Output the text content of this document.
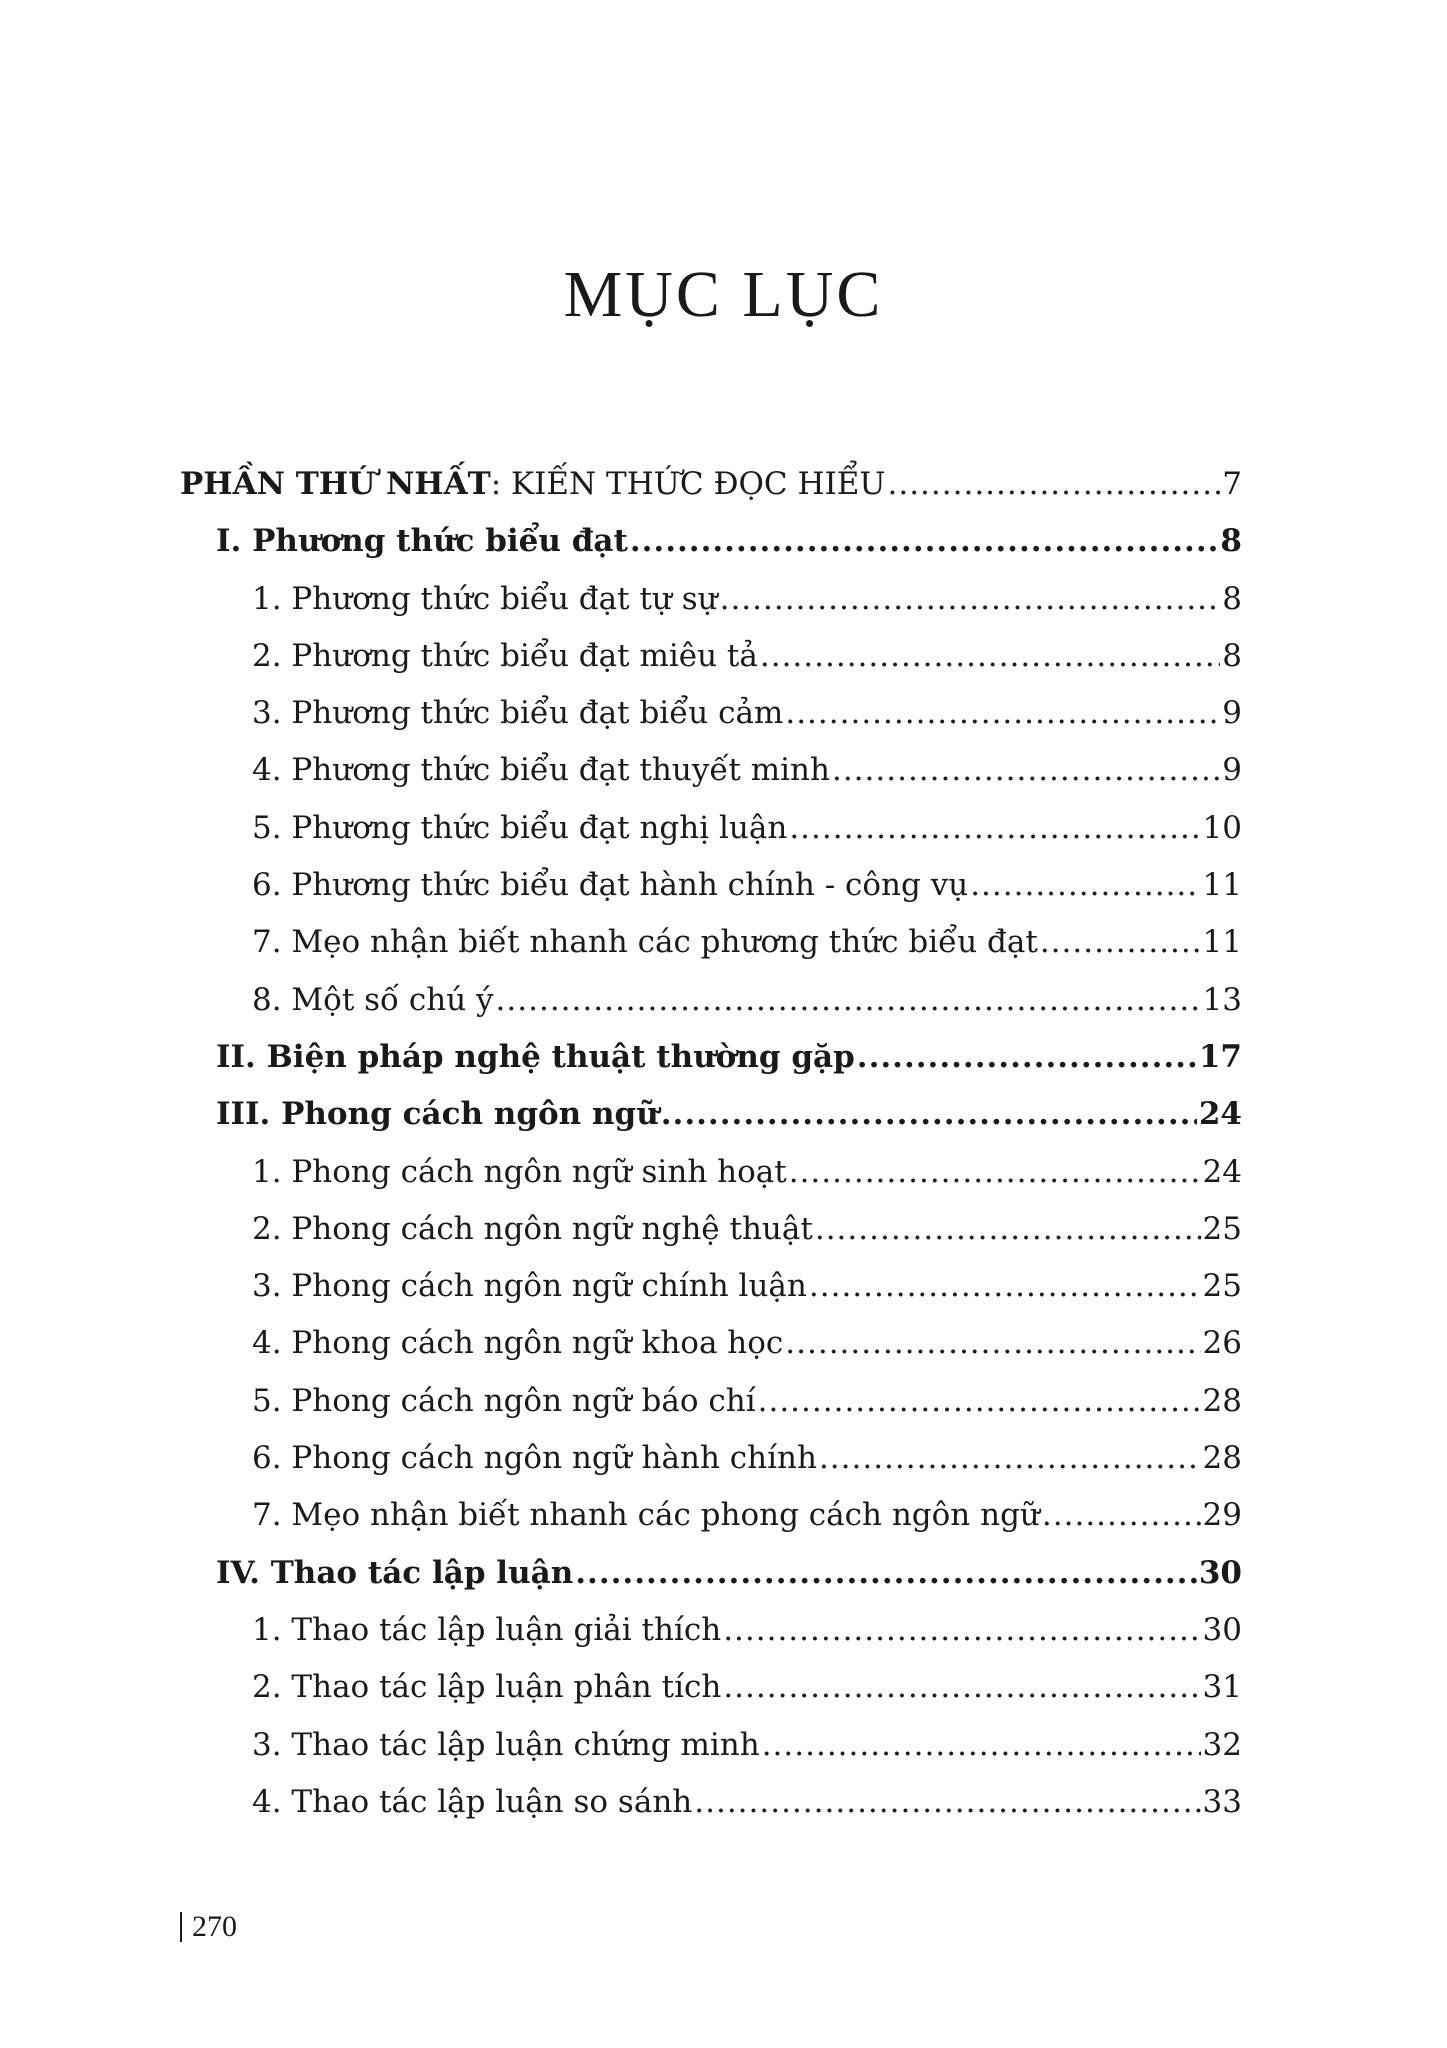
MỤC LỤC
PHẦN THỨ NHẤT: KIẾN THỨC ĐỌC HIỂU .....	7
I. Phương thức biểu đạt .....	8
1. Phương thức biểu đạt tự sự .....	8
2. Phương thức biểu đạt miêu tả .....	8
3. Phương thức biểu đạt biểu cảm .....	9
4. Phương thức biểu đạt thuyết minh .....	9
5. Phương thức biểu đạt nghị luận .....	10
6. Phương thức biểu đạt hành chính - công vụ .....	11
7. Mẹo nhận biết nhanh các phương thức biểu đạt .....	11
8. Một số chú ý .....	13
II. Biện pháp nghệ thuật thường gặp .....	17
III. Phong cách ngôn ngữ .....	24
1. Phong cách ngôn ngữ sinh hoạt .....	24
2. Phong cách ngôn ngữ nghệ thuật .....	25
3. Phong cách ngôn ngữ chính luận .....	25
4. Phong cách ngôn ngữ khoa học .....	26
5. Phong cách ngôn ngữ báo chí .....	28
6. Phong cách ngôn ngữ hành chính .....	28
7. Mẹo nhận biết nhanh các phong cách ngôn ngữ .....	29
IV. Thao tác lập luận .....	30
1. Thao tác lập luận giải thích .....	30
2. Thao tác lập luận phân tích .....	31
3. Thao tác lập luận chứng minh .....	32
4. Thao tác lập luận so sánh .....	33
270
